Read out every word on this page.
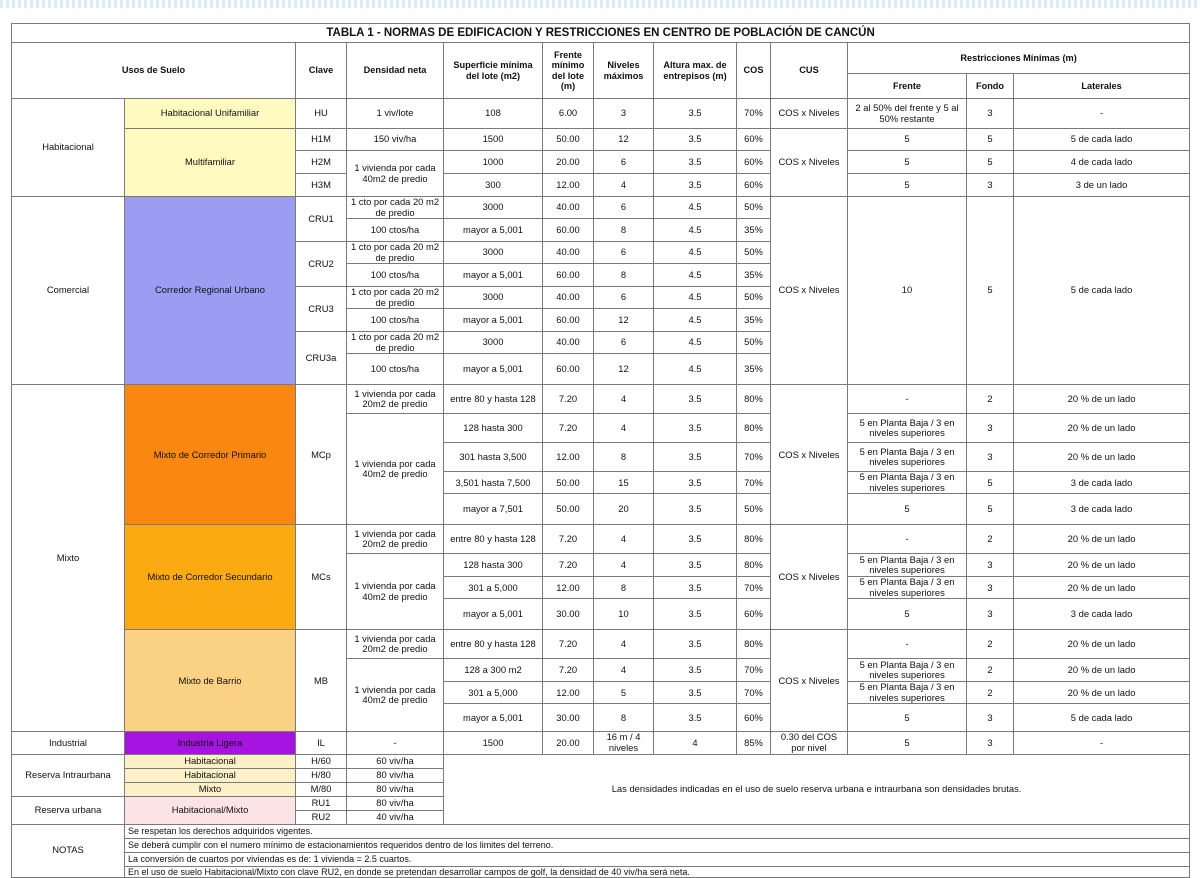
TABLA 1 - NORMAS DE EDIFICACION Y RESTRICCIONES EN CENTRO DE POBLACIÓN DE CANCÚN												
Usos de Suelo		Clave	Densidad neta	Superficie mínima del lote (m2)	Frente mínimo del lote (m)	Niveles máximos	Altura max. de entrepisos (m)	COS	CUS	Restricciones Mínimas (m)		
										Frente	Fondo	Laterales
Habitacional	Habitacional Unifamiliar	HU	1 viv/lote	108	6.00	3	3.5	70%	COS x Niveles	2 al 50% del frente y 5 al 50% restante	3	-
	Multifamiliar	H1M	150 viv/ha	1500	50.00	12	3.5	60%	COS x Niveles	5	5	5 de cada lado
		H2M	1 vivienda por cada 40m2 de predio	1000	20.00	6	3.5	60%		5	5	4 de cada lado
		H3M		300	12.00	4	3.5	60%		5	3	3 de un lado
Comercial	Corredor Regional Urbano	CRU1	1 cto por cada 20 m2 de predio	3000	40.00	6	4.5	50%	COS x Niveles	10	5	5 de cada lado
			100 ctos/ha	mayor a 5,001	60.00	8	4.5	35%				
		CRU2	1 cto por cada 20 m2 de predio	3000	40.00	6	4.5	50%				
			100 ctos/ha	mayor a 5,001	60.00	8	4.5	35%				
		CRU3	1 cto por cada 20 m2 de predio	3000	40.00	6	4.5	50%				
			100 ctos/ha	mayor a 5,001	60.00	12	4.5	35%				
		CRU3a	1 cto por cada 20 m2 de predio	3000	40.00	6	4.5	50%				
			100 ctos/ha	mayor a 5,001	60.00	12	4.5	35%				
Mixto	Mixto de Corredor Primario	MCp	1 vivienda por cada 20m2 de predio	entre 80 y hasta 128	7.20	4	3.5	80%	COS x Niveles	-	2	20 % de un lado
			1 vivienda por cada 40m2 de predio	128 hasta 300	7.20	4	3.5	80%		5 en Planta Baja / 3 en niveles superiores	3	20 % de un lado
				301 hasta 3,500	12.00	8	3.5	70%		5 en Planta Baja / 3 en niveles superiores	3	20 % de un lado
				3,501 hasta 7,500	50.00	15	3.5	70%		5 en Planta Baja / 3 en niveles superiores	5	3 de cada lado
				mayor a 7,501	50.00	20	3.5	50%		5	5	3 de cada lado
	Mixto de Corredor Secundario	MCs	1 vivienda por cada 20m2 de predio	entre 80 y hasta 128	7.20	4	3.5	80%	COS x Niveles	-	2	20 % de un lado
			1 vivienda por cada 40m2 de predio	128 hasta 300	7.20	4	3.5	80%		5 en Planta Baja / 3 en niveles superiores	3	20 % de un lado
				301 a 5,000	12.00	8	3.5	70%		5 en Planta Baja / 3 en niveles superiores	3	20 % de un lado
				mayor a 5,001	30.00	10	3.5	60%		5	3	3 de cada lado
	Mixto de Barrio	MB	1 vivienda por cada 20m2 de predio	entre 80 y hasta 128	7.20	4	3.5	80%	COS x Niveles	-	2	20 % de un lado
			1 vivienda por cada 40m2 de predio	128 a 300 m2	7.20	4	3.5	70%		5 en Planta Baja / 3 en niveles superiores	2	20 % de un lado
				301 a 5,000	12.00	5	3.5	70%		5 en Planta Baja / 3 en niveles superiores	2	20 % de un lado
				mayor a 5,001	30.00	8	3.5	60%		5	3	5 de cada lado
Industrial	Industria Ligera	IL	-	1500	20.00	16 m / 4 niveles	4	85%	0.30 del COS por nivel	5	3	-
Reserva Intraurbana	Habitacional	H/60	60 viv/ha	Las densidades indicadas en el uso de suelo reserva urbana e intraurbana son densidades brutas.								
	Habitacional	H/80	80 viv/ha									
	Mixto	M/80	80 viv/ha									
Reserva urbana	Habitacional/Mixto	RU1	80 viv/ha									
		RU2	40 viv/ha									
NOTAS	Se respetan los derechos adquiridos vigentes.											
	Se deberá cumplir con el numero mínimo de estacionamientos requeridos dentro de los limites del terreno.											
	La conversión de cuartos por viviendas es de: 1 vivienda = 2.5 cuartos.											
	En el uso de suelo Habitacional/Mixto con clave RU2, en donde se pretendan desarrollar campos de golf, la densidad de 40 viv/ha será neta.											
